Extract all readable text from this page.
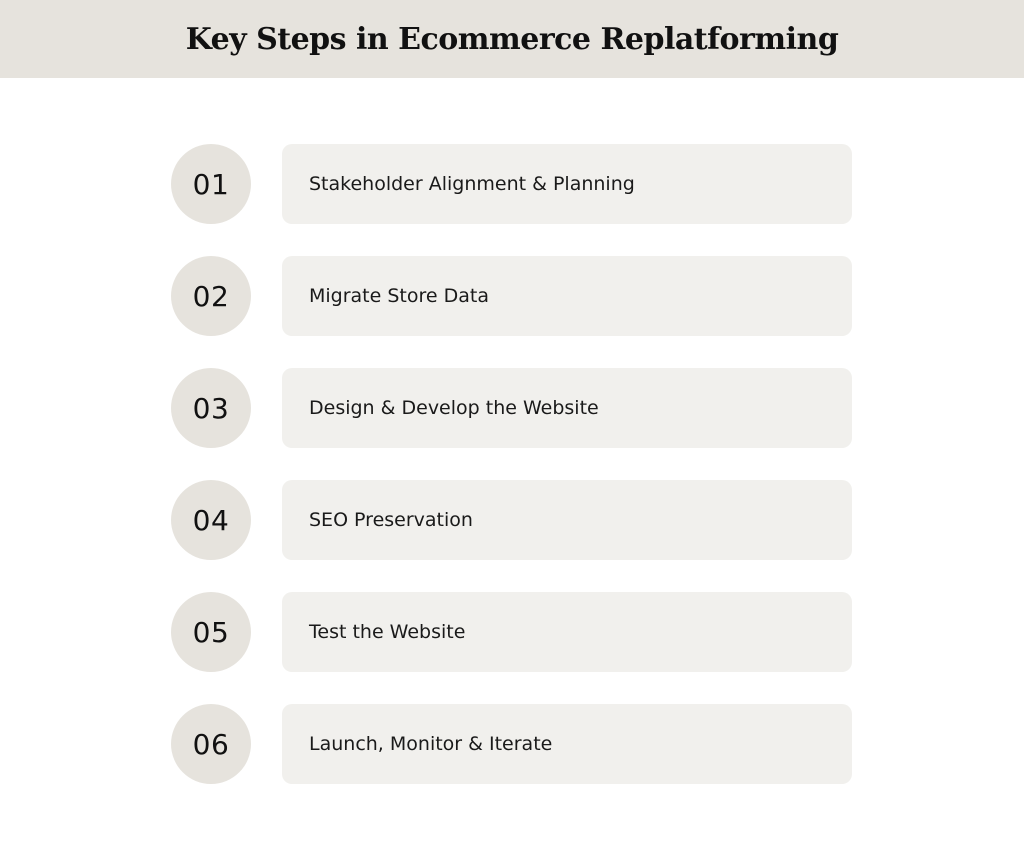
Key Steps in Ecommerce Replatforming
01	Stakeholder Alignment & Planning
02	Migrate Store Data
03	Design & Develop the Website
04	SEO Preservation
05	Test the Website
06	Launch, Monitor & Iterate
